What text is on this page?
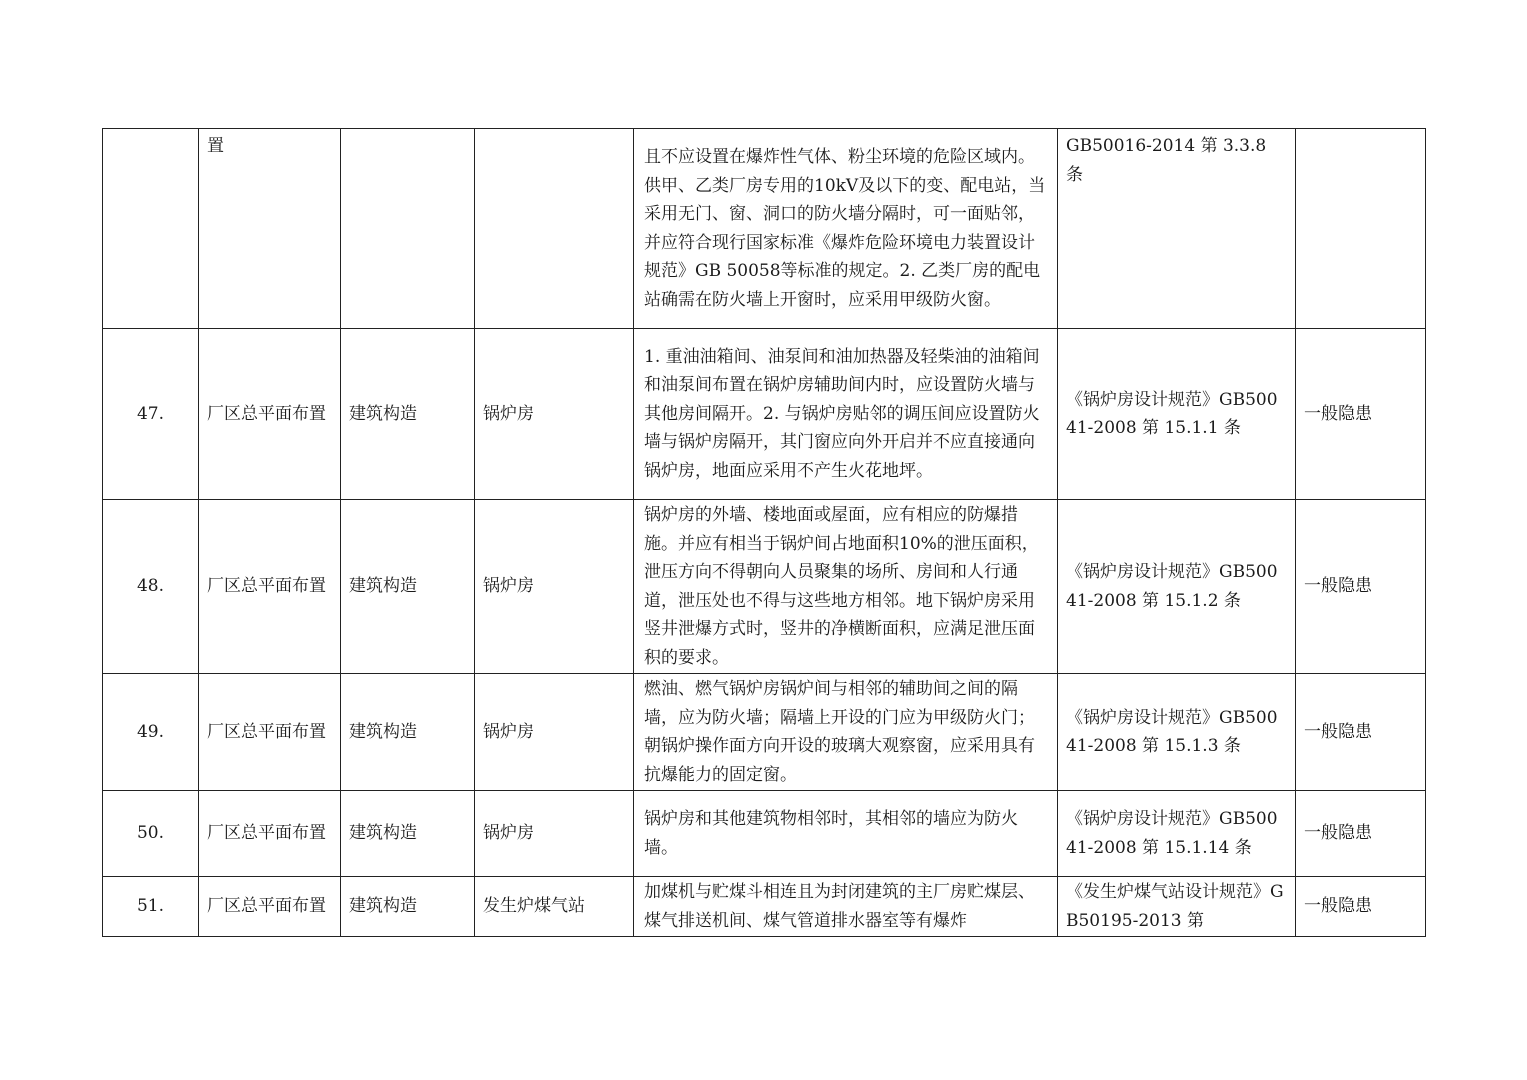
	置			且不应设置在爆炸性气体、粉尘环境的危险区域内。供甲、乙类厂房专用的10kV及以下的变、配电站，当采用无门、窗、洞口的防火墙分隔时，可一面贴邻，并应符合现行国家标准《爆炸危险环境电力装置设计规范》GB 50058等标准的规定。2. 乙类厂房的配电站确需在防火墙上开窗时，应采用甲级防火窗。	GB50016-2014 第 3.3.8 条	
47.	厂区总平面布置	建筑构造	锅炉房	1. 重油油箱间、油泵间和油加热器及轻柴油的油箱间和油泵间布置在锅炉房辅助间内时，应设置防火墙与其他房间隔开。2. 与锅炉房贴邻的调压间应设置防火墙与锅炉房隔开，其门窗应向外开启并不应直接通向锅炉房，地面应采用不产生火花地坪。	《锅炉房设计规范》GB50041-2008 第 15.1.1 条	一般隐患
48.	厂区总平面布置	建筑构造	锅炉房	锅炉房的外墙、楼地面或屋面，应有相应的防爆措施。并应有相当于锅炉间占地面积10%的泄压面积，泄压方向不得朝向人员聚集的场所、房间和人行通道，泄压处也不得与这些地方相邻。地下锅炉房采用竖井泄爆方式时，竖井的净横断面积，应满足泄压面积的要求。	《锅炉房设计规范》GB50041-2008 第 15.1.2 条	一般隐患
49.	厂区总平面布置	建筑构造	锅炉房	燃油、燃气锅炉房锅炉间与相邻的辅助间之间的隔墙，应为防火墙；隔墙上开设的门应为甲级防火门；朝锅炉操作面方向开设的玻璃大观察窗，应采用具有抗爆能力的固定窗。	《锅炉房设计规范》GB50041-2008 第 15.1.3 条	一般隐患
50.	厂区总平面布置	建筑构造	锅炉房	锅炉房和其他建筑物相邻时，其相邻的墙应为防火墙。	《锅炉房设计规范》GB50041-2008 第 15.1.14 条	一般隐患
51.	厂区总平面布置	建筑构造	发生炉煤气站	加煤机与贮煤斗相连且为封闭建筑的主厂房贮煤层、煤气排送机间、煤气管道排水器室等有爆炸	《发生炉煤气站设计规范》GB50195-2013 第	一般隐患
